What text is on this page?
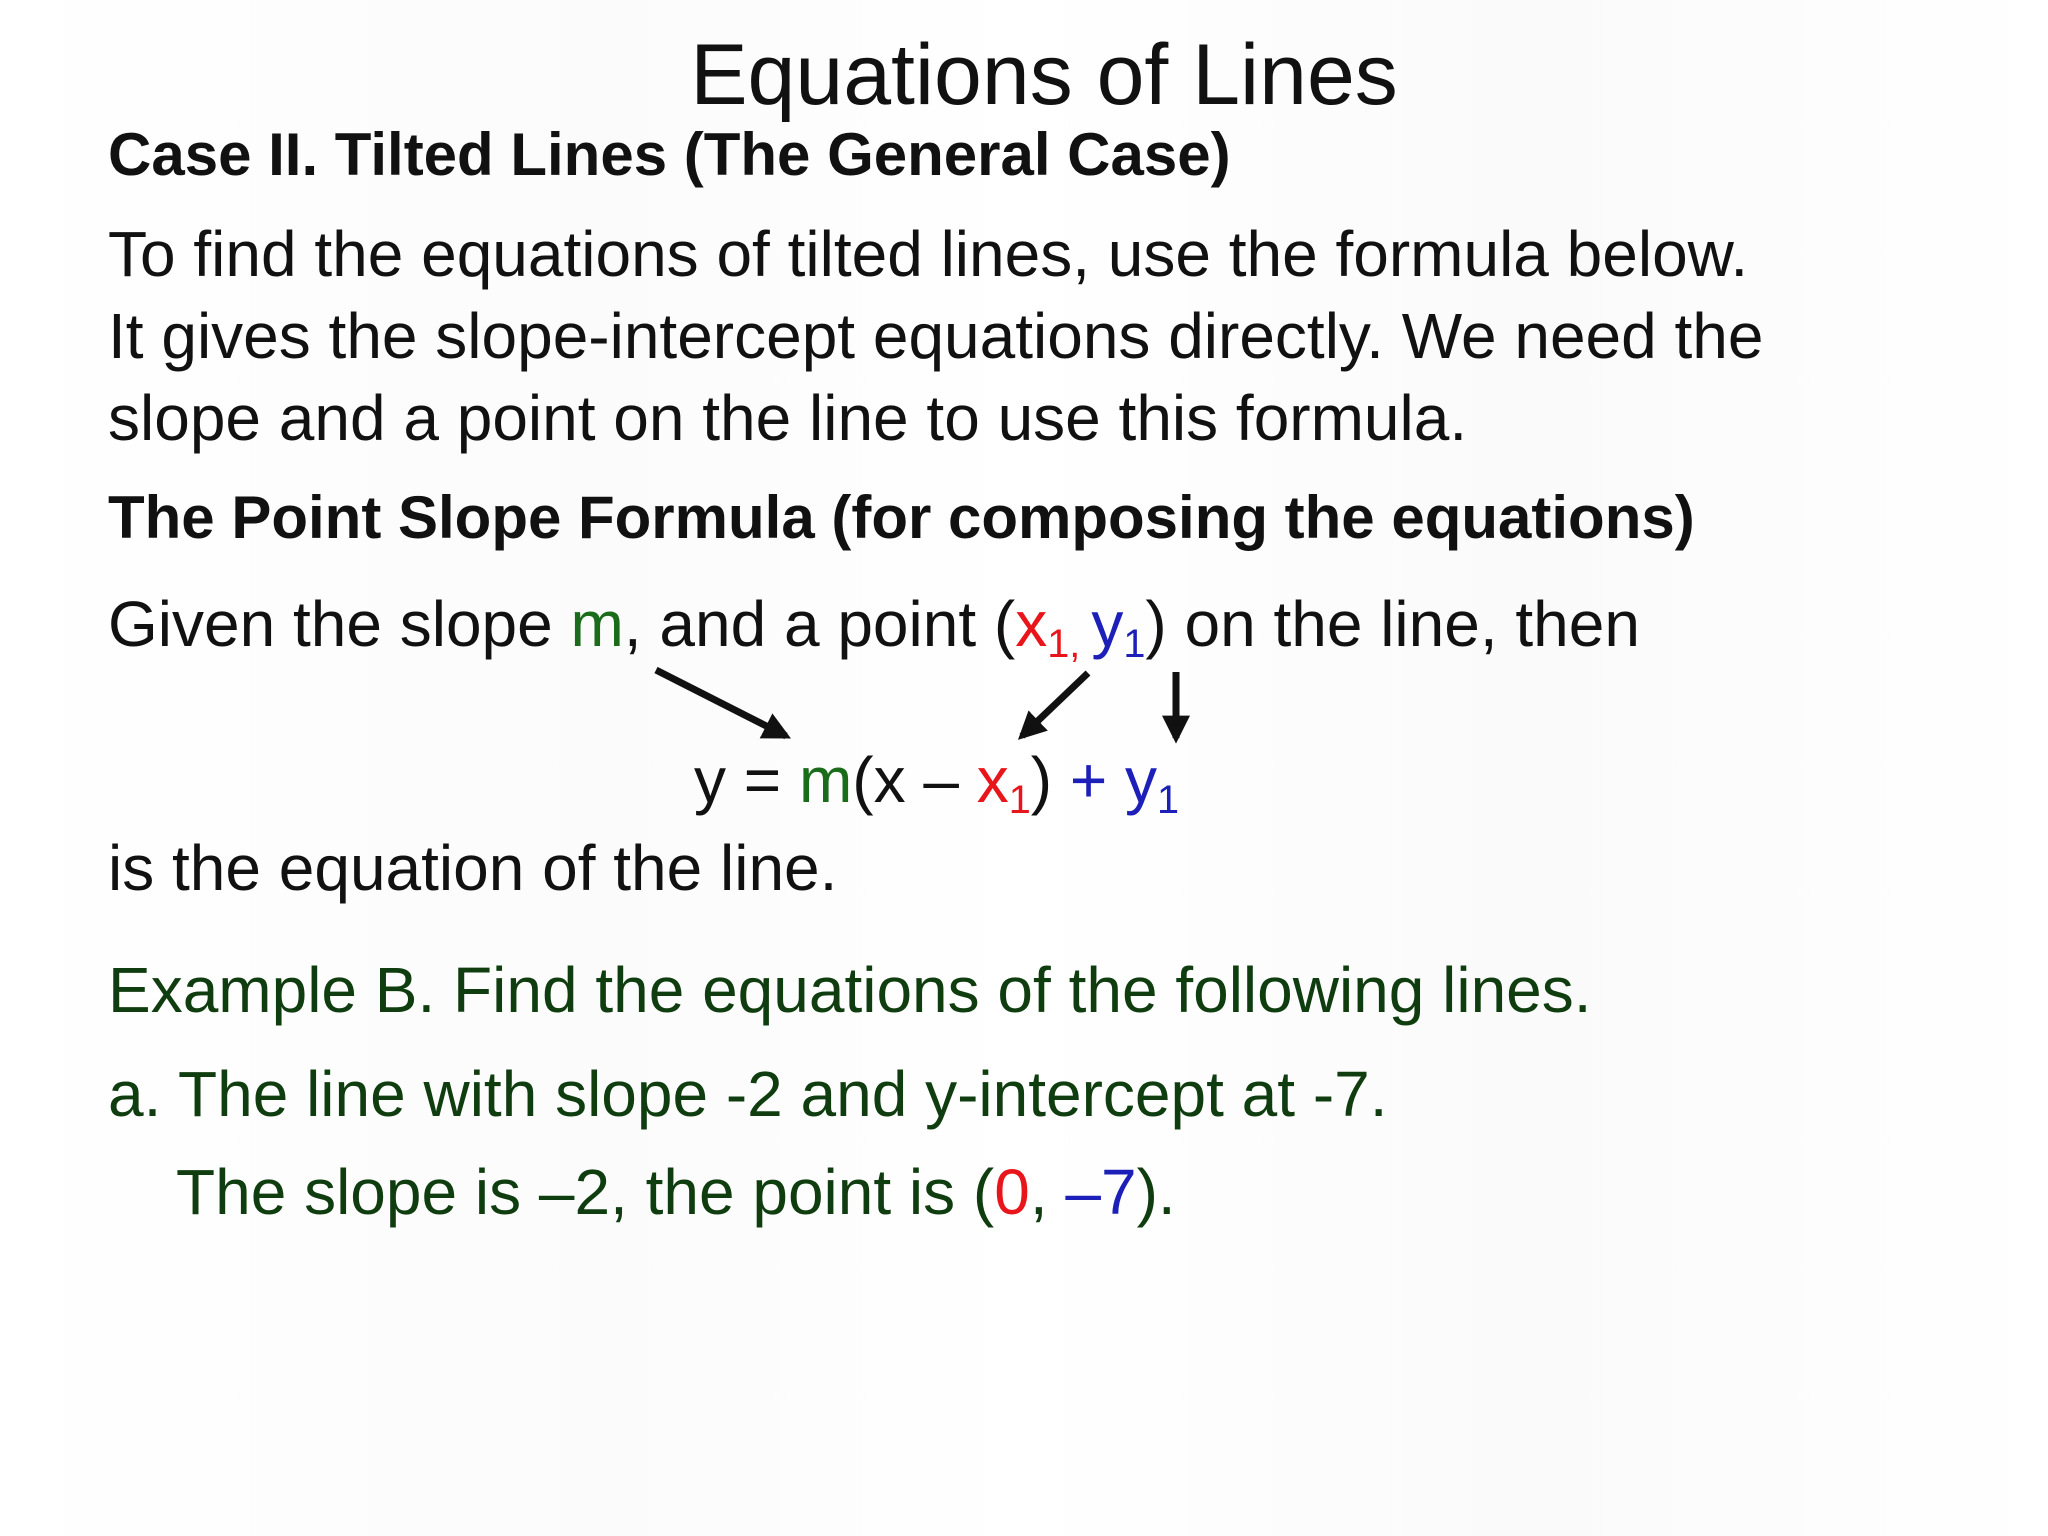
Equations of Lines
Case II. Tilted Lines (The General Case)
To find the equations of tilted lines, use the formula below.
It gives the slope-intercept equations directly. We need the
slope and a point on the line to use this formula.
The Point Slope Formula (for composing the equations)
Given the slope m, and a point ($x_{1,}$ $y_1$) on the line, then
$y = m(x - x_1) + y_1$
is the equation of the line.
Example B. Find the equations of the following lines.
a. The line with slope -2 and y-intercept at -7.
The slope is –2, the point is (0, –7).
